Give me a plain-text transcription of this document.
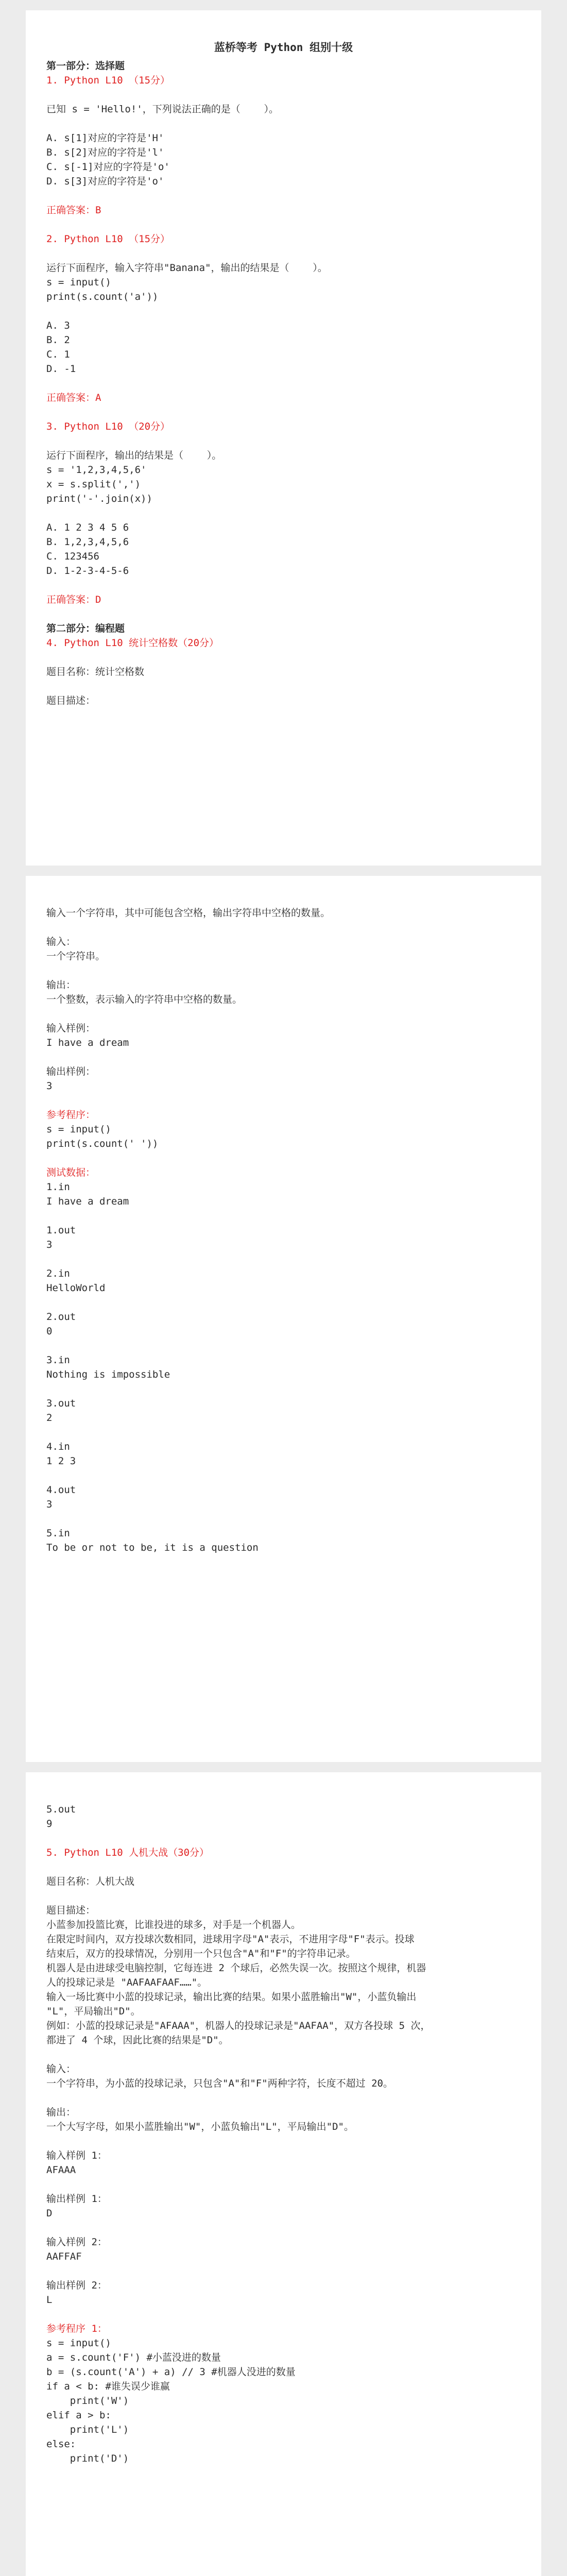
蓝桥等考 Python 组别十级
第一部分：选择题
1. Python L10 （15分）
已知 s = 'Hello!'，下列说法正确的是（    ）。
A. s[1]对应的字符是'H'
B. s[2]对应的字符是'l'
C. s[-1]对应的字符是'o'
D. s[3]对应的字符是'o'
正确答案：B
2. Python L10 （15分）
运行下面程序，输入字符串"Banana"，输出的结果是（    ）。
s = input()
print(s.count('a'))
A. 3
B. 2
C. 1
D. -1
正确答案：A
3. Python L10 （20分）
运行下面程序，输出的结果是（    ）。
s = '1,2,3,4,5,6'
x = s.split(',')
print('-'.join(x))
A. 1 2 3 4 5 6
B. 1,2,3,4,5,6
C. 123456
D. 1-2-3-4-5-6
正确答案：D
第二部分：编程题
4. Python L10 统计空格数（20分）
题目名称：统计空格数
题目描述：
输入一个字符串，其中可能包含空格，输出字符串中空格的数量。
输入：
一个字符串。
输出：
一个整数，表示输入的字符串中空格的数量。
输入样例：
I have a dream
输出样例：
3
参考程序：
s = input()
print(s.count(' '))
测试数据：
1.in
I have a dream
1.out
3
2.in
HelloWorld
2.out
0
3.in
Nothing is impossible
3.out
2
4.in
1 2 3
4.out
3
5.in
To be or not to be, it is a question
5.out
9
5. Python L10 人机大战（30分）
题目名称：人机大战
题目描述：
小蓝参加投篮比赛，比谁投进的球多，对手是一个机器人。
在限定时间内，双方投球次数相同，进球用字母"A"表示，不进用字母"F"表示。投球
结束后，双方的投球情况，分别用一个只包含"A"和"F"的字符串记录。
机器人是由进球受电脑控制，它每连进 2 个球后，必然失误一次。按照这个规律，机器
人的投球记录是 "AAFAAFAAF……"。
输入一场比赛中小蓝的投球记录，输出比赛的结果。如果小蓝胜输出"W"，小蓝负输出
"L"，平局输出"D"。
例如：小蓝的投球记录是"AFAAA"，机器人的投球记录是"AAFAA"，双方各投球 5 次，
都进了 4 个球，因此比赛的结果是"D"。
输入：
一个字符串，为小蓝的投球记录，只包含"A"和"F"两种字符，长度不超过 20。
输出：
一个大写字母，如果小蓝胜输出"W"，小蓝负输出"L"，平局输出"D"。
输入样例 1：
AFAAA
输出样例 1：
D
输入样例 2：
AAFFAF
输出样例 2：
L
参考程序 1：
s = input()
a = s.count('F') #小蓝没进的数量
b = (s.count('A') + a) // 3 #机器人没进的数量
if a < b: #谁失误少谁赢
print('W')
elif a > b:
print('L')
else:
print('D')
